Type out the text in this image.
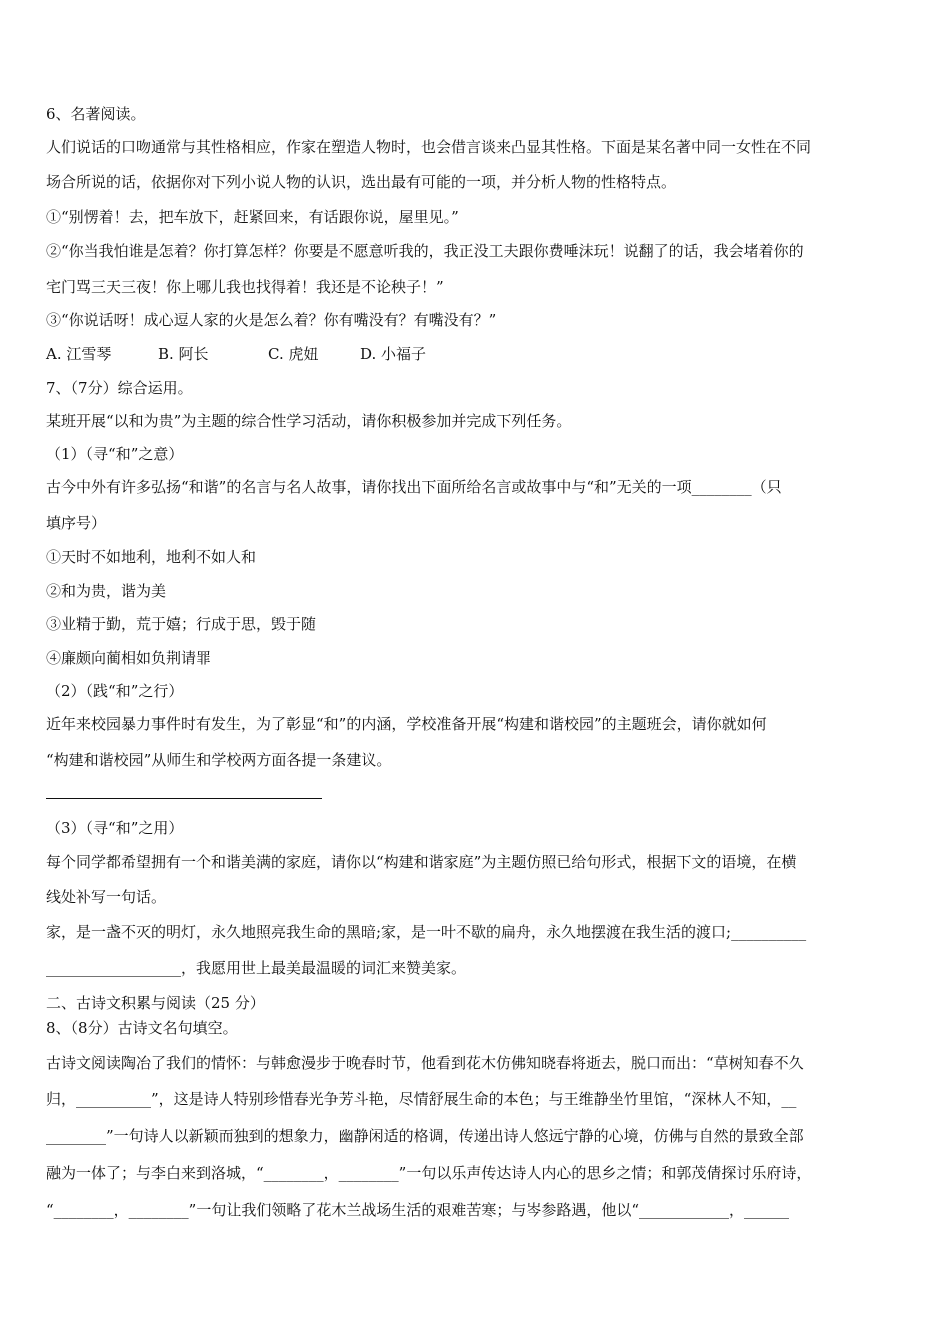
6、名著阅读。
人们说话的口吻通常与其性格相应，作家在塑造人物时，也会借言谈来凸显其性格。下面是某名著中同一女性在不同
场合所说的话，依据你对下列小说人物的认识，选出最有可能的一项，并分析人物的性格特点。
①“别愣着！去，把车放下，赶紧回来，有话跟你说，屋里见。”
②“你当我怕谁是怎着？你打算怎样？你要是不愿意听我的，我正没工夫跟你费唾沫玩！说翻了的话，我会堵着你的
宅门骂三天三夜！你上哪儿我也找得着！我还是不论秧子！”
③“你说话呀！成心逗人家的火是怎么着？你有嘴没有？有嘴没有？”
A. 江雪琴	B. 阿长	C. 虎妞	D. 小福子
7、（7分）综合运用。
某班开展“以和为贵”为主题的综合性学习活动，请你积极参加并完成下列任务。
（1）（寻“和”之意）
古今中外有许多弘扬“和谐”的名言与名人故事，请你找出下面所给名言或故事中与“和”无关的一项________（只
填序号）
①天时不如地利，地利不如人和
②和为贵，谐为美
③业精于勤，荒于嬉；行成于思，毁于随
④廉颇向蔺相如负荆请罪
（2）（践“和”之行）
近年来校园暴力事件时有发生，为了彰显“和”的内涵，学校准备开展“构建和谐校园”的主题班会，请你就如何
“构建和谐校园”从师生和学校两方面各提一条建议。
（3）（寻“和”之用）
每个同学都希望拥有一个和谐美满的家庭，请你以“构建和谐家庭”为主题仿照已给句形式，根据下文的语境，在横
线处补写一句话。
家，是一盏不灭的明灯，永久地照亮我生命的黑暗;家，是一叶不歇的扁舟，永久地摆渡在我生活的渡口;__________
__________________，我愿用世上最美最温暖的词汇来赞美家。
二、古诗文积累与阅读（25 分）
8、（8分）古诗文名句填空。
古诗文阅读陶冶了我们的情怀：与韩愈漫步于晚春时节，他看到花木仿佛知晓春将逝去，脱口而出：“草树知春不久
归，__________”，这是诗人特别珍惜春光争芳斗艳，尽情舒展生命的本色；与王维静坐竹里馆，“深林人不知，__
________”一句诗人以新颖而独到的想象力，幽静闲适的格调，传递出诗人悠远宁静的心境，仿佛与自然的景致全部
融为一体了；与李白来到洛城，“________，________”一句以乐声传达诗人内心的思乡之情；和郭茂倩探讨乐府诗，
“________，________”一句让我们领略了花木兰战场生活的艰难苦寒；与岑参路遇，他以“____________，______
